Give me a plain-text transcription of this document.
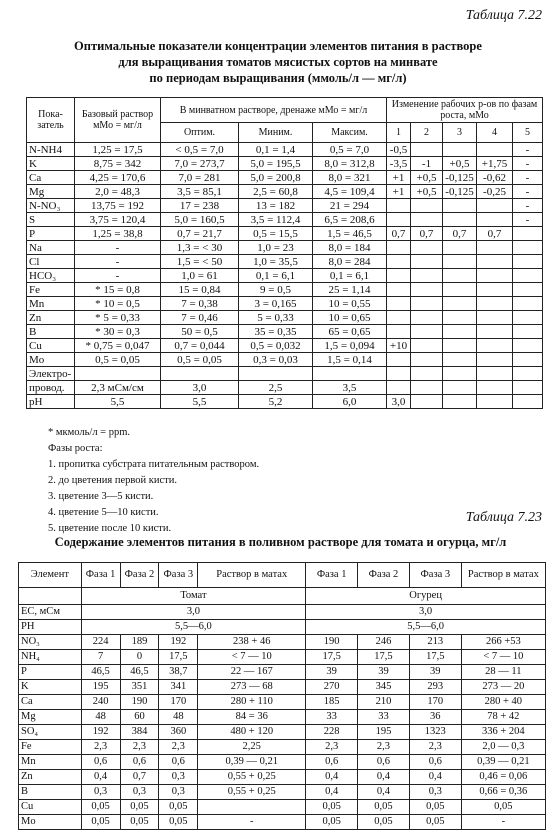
Таблица 7.22
Оптимальные показатели концентрации элементов питания в растворе
для выращивания томатов мясистых сортов на минвате
по периодам выращивания (ммоль/л — мг/л)
Пока-затель	Базовый раствор мМо = мг/л	В минватном растворе, дренаже мМо = мг/л			Изменение рабочих р-ов по фазам роста, мМо				
		Оптим.	Миним.	Максим.	1	2	3	4	5
N-NH4	1,25 = 17,5	< 0,5 = 7,0	0,1 = 1,4	0,5 = 7,0	-0,5				-
K	8,75 = 342	7,0 = 273,7	5,0 = 195,5	8,0 = 312,8	-3,5	-1	+0,5	+1,75	-
Ca	4,25 = 170,6	7,0 = 281	5,0 = 200,8	8,0 = 321	+1	+0,5	-0,125	-0,62	-
Mg	2,0 = 48,3	3,5 = 85,1	2,5 = 60,8	4,5 = 109,4	+1	+0,5	-0,125	-0,25	-
N-NO₃	13,75 = 192	17 = 238	13 = 182	21 = 294					-
S	3,75 = 120,4	5,0 = 160,5	3,5 = 112,4	6,5 = 208,6					-
P	1,25 = 38,8	0,7 = 21,7	0,5 = 15,5	1,5 = 46,5	0,7	0,7	0,7	0,7	
Na	-	1,3 = < 30	1,0 = 23	8,0 = 184					
Cl	-	1,5 = < 50	1,0 = 35,5	8,0 = 284					
HCO₃	-	1,0 = 61	0,1 = 6,1	0,1 = 6,1					
Fe	* 15 = 0,8	15 = 0,84	9 = 0,5	25 = 1,14					
Mn	* 10 = 0,5	7 = 0,38	3 = 0,165	10 = 0,55					
Zn	* 5 = 0,33	7 = 0,46	5 = 0,33	10 = 0,65					
B	* 30 = 0,3	50 = 0,5	35 = 0,35	65 = 0,65					
Cu	* 0,75 = 0,047	0,7 = 0,044	0,5 = 0,032	1,5 = 0,094	+10				
Mo	0,5 = 0,05	0,5 = 0,05	0,3 = 0,03	1,5 = 0,14					
Электро-									
провод.	2,3 мСм/см	3,0	2,5	3,5					
pH	5,5	5,5	5,2	6,0	3,0				
* мкмоль/л = ppm.
Фазы роста:
1. пропитка субстрата питательным раствором.
2. до цветения первой кисти.
3. цветение 3—5 кисти.
4. цветение 5—10 кисти.
5. цветение после 10 кисти.
Таблица 7.23
Содержание элементов питания в поливном растворе для томата и огурца, мг/л
Элемент	Фаза 1	Фаза 2	Фаза 3	Раствор в матах	Фаза 1	Фаза 2	Фаза 3	Раствор в матах
	Томат				Огурец			
EC, мСм	3,0				3,0			
PH	5,5—6,0				5,5—6,0			
NO₃	224	189	192	238 + 46	190	246	213	266 +53
NH₄	7	0	17,5	< 7 — 10	17,5	17,5	17,5	< 7 — 10
P	46,5	46,5	38,7	22 — 167	39	39	39	28 — 11
K	195	351	341	273 — 68	270	345	293	273 — 20
Ca	240	190	170	280 + 110	185	210	170	280 + 40
Mg	48	60	48	84 = 36	33	33	36	78 + 42
SO₄	192	384	360	480 + 120	228	195	1323	336 + 204
Fe	2,3	2,3	2,3	2,25	2,3	2,3	2,3	2,0 — 0,3
Mn	0,6	0,6	0,6	0,39 — 0,21	0,6	0,6	0,6	0,39 — 0,21
Zn	0,4	0,7	0,3	0,55 + 0,25	0,4	0,4	0,4	0,46 = 0,06
B	0,3	0,3	0,3	0,55 + 0,25	0,4	0,4	0,3	0,66 = 0,36
Cu	0,05	0,05	0,05		0,05	0,05	0,05	0,05
Mo	0,05	0,05	0,05	-	0,05	0,05	0,05	-
